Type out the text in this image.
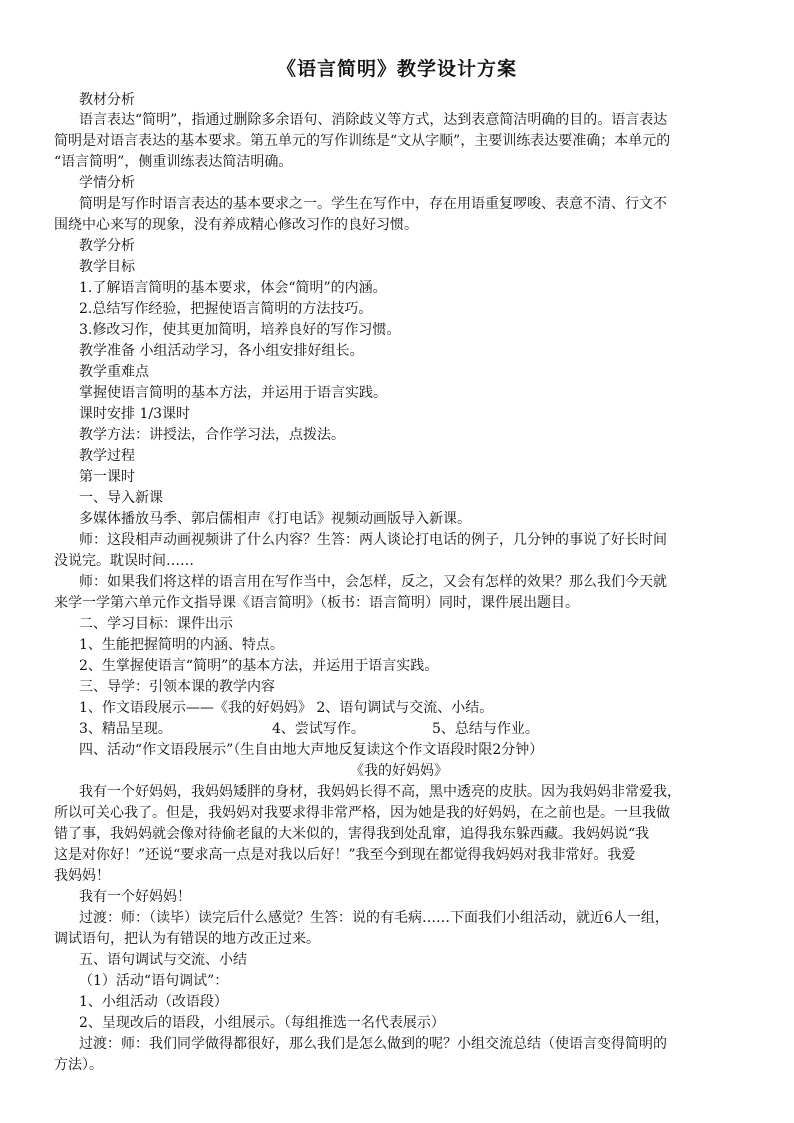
《语言简明》教学设计方案
教材分析
语言表达“简明”，指通过删除多余语句、消除歧义等方式，达到表意简洁明确的目的。语言表达
简明是对语言表达的基本要求。第五单元的写作训练是“文从字顺”，主要训练表达要准确；本单元的
“语言简明”，侧重训练表达简洁明确。
学情分析
简明是写作时语言表达的基本要求之一。学生在写作中，存在用语重复啰唆、表意不清、行文不
围绕中心来写的现象，没有养成精心修改习作的良好习惯。
教学分析
教学目标
1.了解语言简明的基本要求，体会“简明”的内涵。
2.总结写作经验，把握使语言简明的方法技巧。
3.修改习作，使其更加简明，培养良好的写作习惯。
教学准备 小组活动学习，各小组安排好组长。
教学重难点
掌握使语言简明的基本方法，并运用于语言实践。
课时安排 1/3课时
教学方法：讲授法，合作学习法，点拨法。
教学过程
第一课时
一、导入新课
多媒体播放马季、郭启儒相声《打电话》视频动画版导入新课。
师：这段相声动画视频讲了什么内容？生答：两人谈论打电话的例子，几分钟的事说了好长时间
没说完。耽误时间……
师：如果我们将这样的语言用在写作当中，会怎样，反之，又会有怎样的效果？那么我们今天就
来学一学第六单元作文指导课《语言简明》（板书：语言简明）同时，课件展出题目。
二、学习目标：课件出示
1、生能把握简明的内涵、特点。
2、生掌握使语言“简明”的基本方法，并运用于语言实践。
三、导学：引领本课的教学内容
1、作文语段展示——《我的好妈妈》 2、语句调试与交流、小结。
3、精品呈现。	4、尝试写作。	5、总结与作业。
四、活动“作文语段展示”（生自由地大声地反复读这个作文语段时限2分钟）
《我的好妈妈》
我有一个好妈妈，我妈妈矮胖的身材，我妈妈长得不高，黑中透亮的皮肤。因为我妈妈非常爱我，
所以可关心我了。但是，我妈妈对我要求得非常严格，因为她是我的好妈妈，在之前也是。一旦我做
错了事，我妈妈就会像对待偷老鼠的大米似的，害得我到处乱窜，追得我东躲西藏。我妈妈说“我
这是对你好！”还说“要求高一点是对我以后好！”我至今到现在都觉得我妈妈对我非常好。我爱
我妈妈！
我有一个好妈妈！
过渡：师：（读毕）读完后什么感觉？生答：说的有毛病……下面我们小组活动，就近6人一组，
调试语句，把认为有错误的地方改正过来。
五、语句调试与交流、小结
（1）活动“语句调试”：
1、小组活动（改语段）
2、呈现改后的语段，小组展示。（每组推选一名代表展示）
过渡：师：我们同学做得都很好，那么我们是怎么做到的呢？小组交流总结（使语言变得简明的
方法）。
